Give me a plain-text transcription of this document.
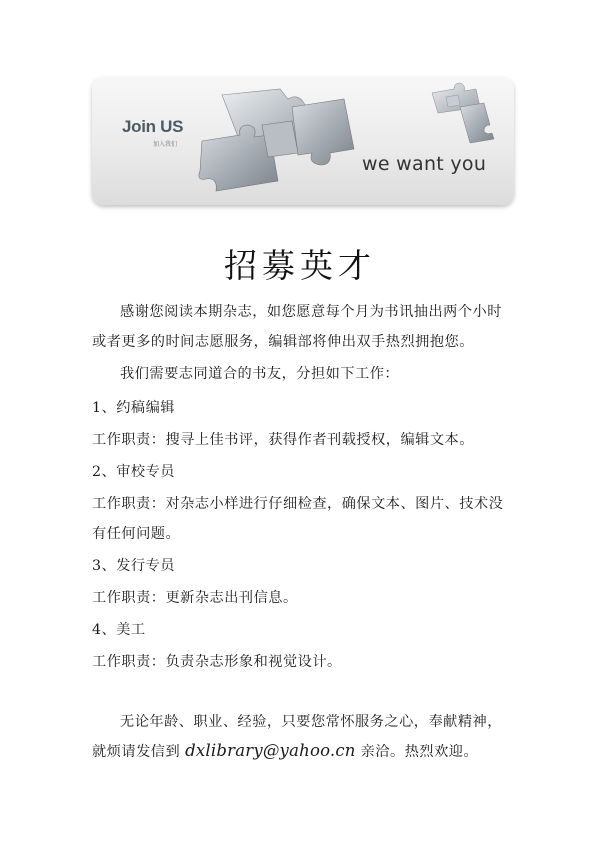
Join US
加入我们
we want you
招募英才

感谢您阅读本期杂志，如您愿意每个月为书讯抽出两个小时

或者更多的时间志愿服务，编辑部将伸出双手热烈拥抱您。

我们需要志同道合的书友，分担如下工作：

1、约稿编辑

工作职责：搜寻上佳书评，获得作者刊载授权，编辑文本。

2、审校专员

工作职责：对杂志小样进行仔细检查，确保文本、图片、技术没

有任何问题。

3、发行专员

工作职责：更新杂志出刊信息。

4、美工

工作职责：负责杂志形象和视觉设计。

无论年龄、职业、经验，只要您常怀服务之心，奉献精神，

就烦请发信到 dxlibrary@yahoo.cn 亲洽。热烈欢迎。
